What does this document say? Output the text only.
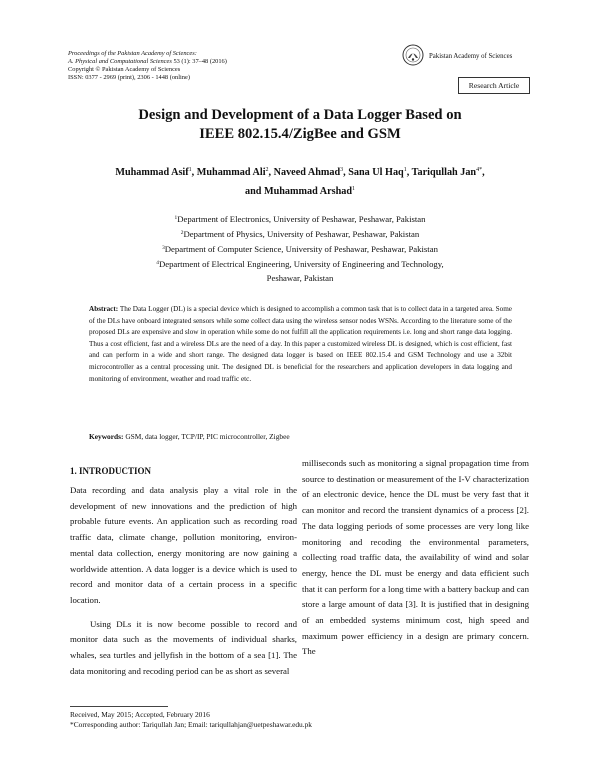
Proceedings of the Pakistan Academy of Sciences:
A. Physical and Computational Sciences 53 (1): 37–48 (2016)
Copyright © Pakistan Academy of Sciences
ISSN: 0377 - 2969 (print), 2306 - 1448 (online)
Pakistan Academy of Sciences
Research Article
Design and Development of a Data Logger Based on
IEEE 802.15.4/ZigBee and GSM
Muhammad Asif$^1$, Muhammad Ali$^2$, Naveed Ahmad$^3$, Sana Ul Haq$^1$, Tariqullah Jan$^{4*}$,
and Muhammad Arshad$^1$
$^1$Department of Electronics, University of Peshawar, Peshawar, Pakistan
$^2$Department of Physics, University of Peshawar, Peshawar, Pakistan
$^3$Department of Computer Science, University of Peshawar, Peshawar, Pakistan
$^4$Department of Electrical Engineering, University of Engineering and Technology,
Peshawar, Pakistan
Abstract: The Data Logger (DL) is a special device which is designed to accomplish a common task that is to collect data in a targeted area. Some of the DLs have onboard integrated sensors while some collect data using the wireless sensor nodes WSNs. According to the literature some of the proposed DLs are expensive and slow in operation while some do not fulfill all the application requirements i.e. long and short range data logging. Thus a cost efficient, fast and a wireless DLs are the need of a day. In this paper a customized wireless DL is designed, which is cost efficient, fast and can perform in a wide and short range. The designed data logger is based on IEEE 802.15.4 and GSM Technology and use a 32bit microcontroller as a central processing unit. The designed DL is beneficial for the researchers and application developers in data logging and monitoring of environment, weather and road traffic etc.
Keywords: GSM, data logger, TCP/IP, PIC microcontroller, Zigbee
1. INTRODUCTION

Data recording and data analysis play a vital role in the development of new innovations and the prediction of high probable future events. An application such as recording road traffic data, climate change, pollution monitoring, environ-mental data collection, energy monitoring are now gaining a worldwide attention. A data logger is a device which is used to record and monitor data of a certain process in a specific location.

Using DLs it is now become possible to record and monitor data such as the movements of individual sharks, whales, sea turtles and jellyfish in the bottom of a sea [1]. The data monitoring and recoding period can be as short as several

milliseconds such as monitoring a signal propagation time from source to destination or measurement of the I-V characterization of an electronic device, hence the DL must be very fast that it can monitor and record the transient dynamics of a process [2]. The data logging periods of some processes are very long like monitoring and recoding the environmental parameters, collecting road traffic data, the availability of wind and solar energy, hence the DL must be energy and data efficient such that it can perform for a long time with a battery backup and can store a large amount of data [3]. It is justified that in designing of an embedded systems minimum cost, high speed and maximum power efficiency in a design are primary concern. The

Received, May 2015; Accepted, February 2016
*Corresponding author: Tariqullah Jan; Email: tariqullahjan@uetpeshawar.edu.pk
